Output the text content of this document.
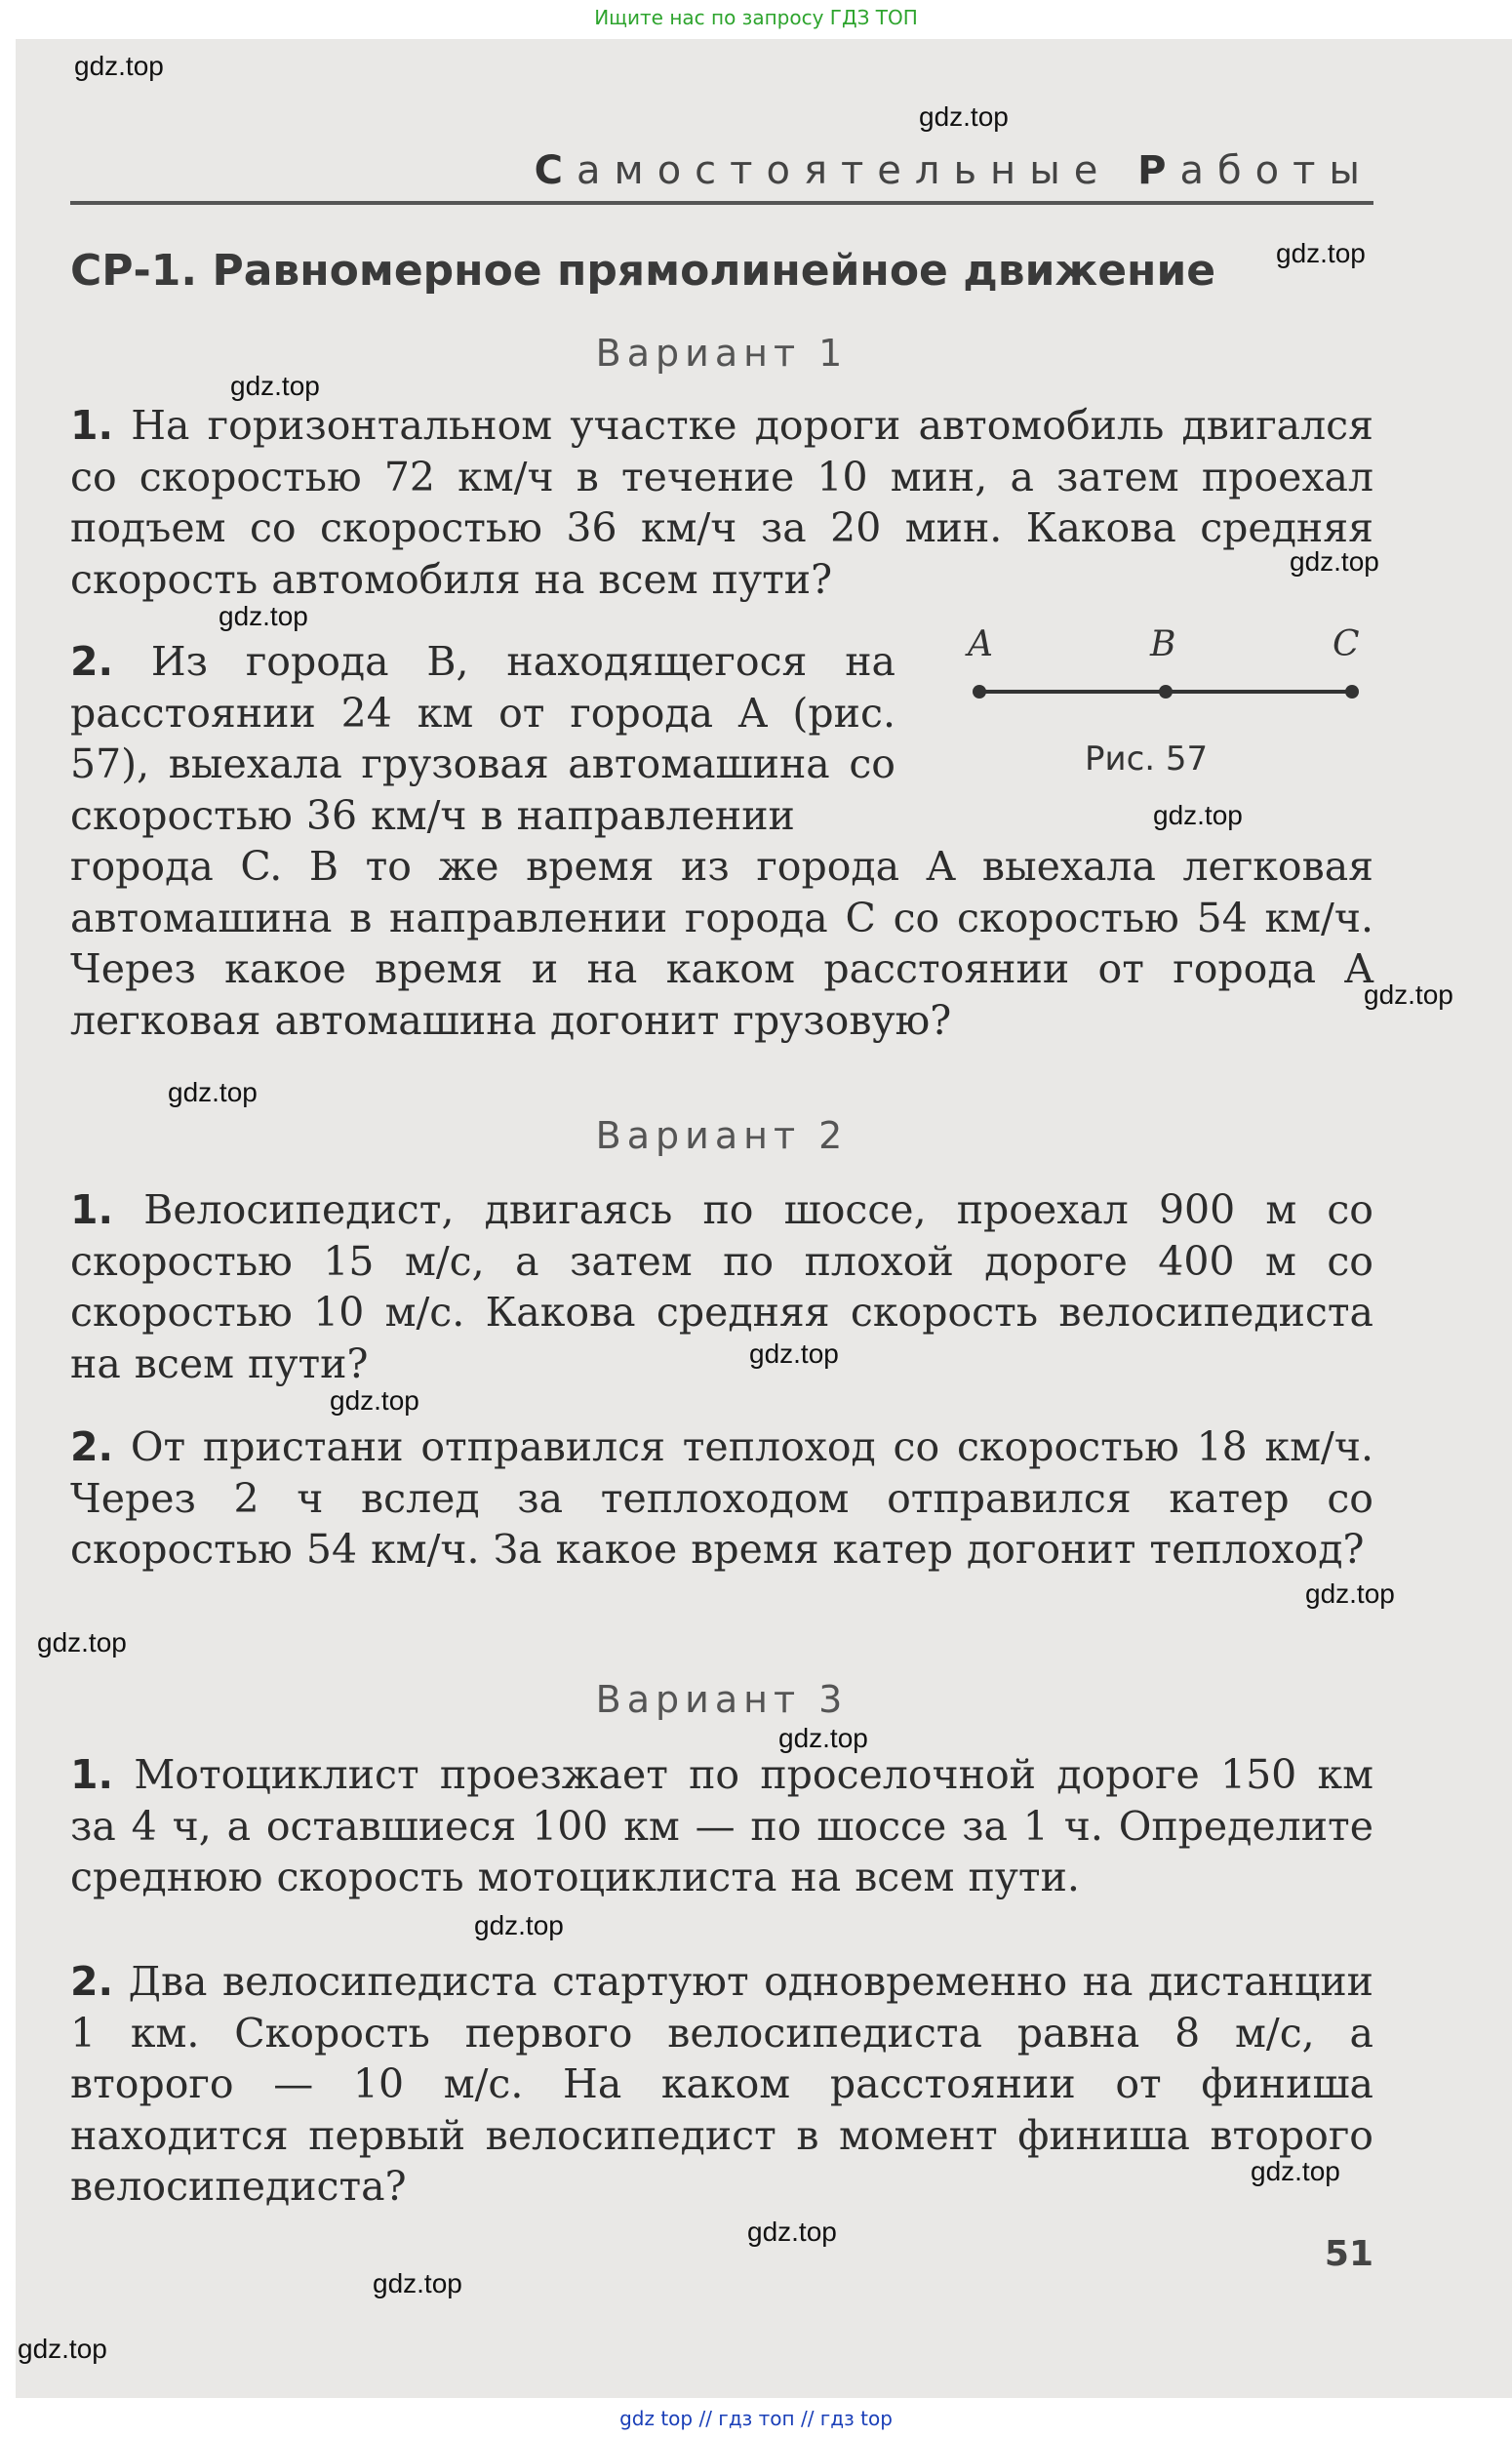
Ищите нас по запросу ГДЗ ТОП
Самостоятельные Работы
СР-1. Равномерное прямолинейное движение
Вариант 1
1. На горизонтальном участке дороги автомобиль двигался со скоростью 72 км/ч в течение 10 мин, а затем проехал подъем со скоростью 36 км/ч за 20 мин. Какова средняя скорость автомобиля на всем пути?
2. Из города B, находящегося на расстоянии 24 км от города A (рис. 57), выехала грузовая автомашина со скоростью 36 км/ч в направлении
города C. В то же время из города A выехала легковая автомашина в направлении города C со скоростью 54 км/ч. Через какое время и на каком расстоянии от города A легковая автомашина догонит грузовую?
A	B	C
Рис. 57
Вариант 2
1. Велосипедист, двигаясь по шоссе, проехал 900 м со скоростью 15 м/с, а затем по плохой дороге 400 м со скоростью 10 м/с. Какова средняя скорость велосипедиста на всем пути?
2. От пристани отправился теплоход со скоростью 18 км/ч. Через 2 ч вслед за теплоходом отправился катер со скоростью 54 км/ч. За какое время катер догонит теплоход?
Вариант 3
1. Мотоциклист проезжает по проселочной дороге 150 км за 4 ч, а оставшиеся 100 км — по шоссе за 1 ч. Определите среднюю скорость мотоциклиста на всем пути.
2. Два велосипедиста стартуют одновременно на дистанции 1 км. Скорость первого велосипедиста равна 8 м/с, а второго — 10 м/с. На каком расстоянии от финиша находится первый велосипедист в момент финиша второго велосипедиста?
51
gdz.top
gdz.top
gdz.top
gdz.top
gdz.top
gdz.top
gdz.top
gdz.top
gdz.top
gdz.top
gdz.top
gdz.top
gdz.top
gdz.top
gdz.top
gdz.top
gdz.top
gdz.top
gdz.top
gdz top // гдз топ // гдз top
